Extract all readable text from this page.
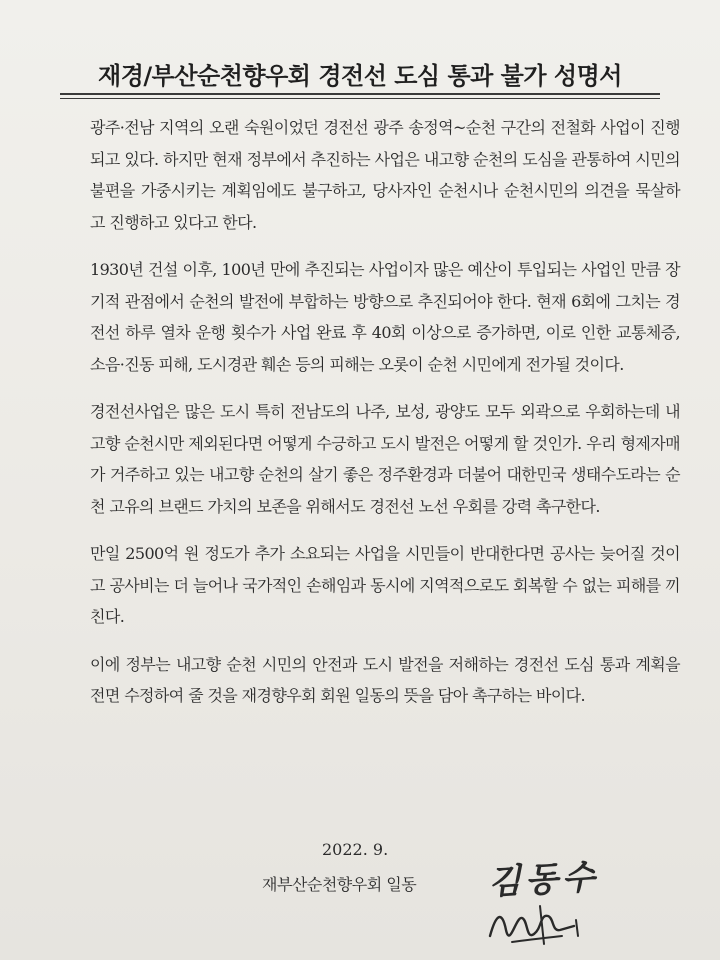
재경/부산순천향우회 경전선 도심 통과 불가 성명서

광주·전남 지역의 오랜 숙원이었던 경전선 광주 송정역~순천 구간의 전철화 사업이 진행되고 있다. 하지만 현재 정부에서 추진하는 사업은 내고향 순천의 도심을 관통하여 시민의 불편을 가중시키는 계획임에도 불구하고, 당사자인 순천시나 순천시민의 의견을 묵살하고 진행하고 있다고 한다.

1930년 건설 이후, 100년 만에 추진되는 사업이자 많은 예산이 투입되는 사업인 만큼 장기적 관점에서 순천의 발전에 부합하는 방향으로 추진되어야 한다. 현재 6회에 그치는 경전선 하루 열차 운행 횟수가 사업 완료 후 40회 이상으로 증가하면, 이로 인한 교통체증, 소음·진동 피해, 도시경관 훼손 등의 피해는 오롯이 순천 시민에게 전가될 것이다.

경전선사업은 많은 도시 특히 전남도의 나주, 보성, 광양도 모두 외곽으로 우회하는데 내고향 순천시만 제외된다면 어떻게 수긍하고 도시 발전은 어떻게 할 것인가. 우리 형제자매가 거주하고 있는 내고향 순천의 살기 좋은 정주환경과 더불어 대한민국 생태수도라는 순천 고유의 브랜드 가치의 보존을 위해서도 경전선 노선 우회를 강력 촉구한다.

만일 2500억 원 정도가 추가 소요되는 사업을 시민들이 반대한다면 공사는 늦어질 것이고 공사비는 더 늘어나 국가적인 손해임과 동시에 지역적으로도 회복할 수 없는 피해를 끼친다.

이에 정부는 내고향 순천 시민의 안전과 도시 발전을 저해하는 경전선 도심 통과 계획을 전면 수정하여 줄 것을 재경향우회 회원 일동의 뜻을 담아 촉구하는 바이다.

2022. 9.
재부산순천향우회 일동 김동수
